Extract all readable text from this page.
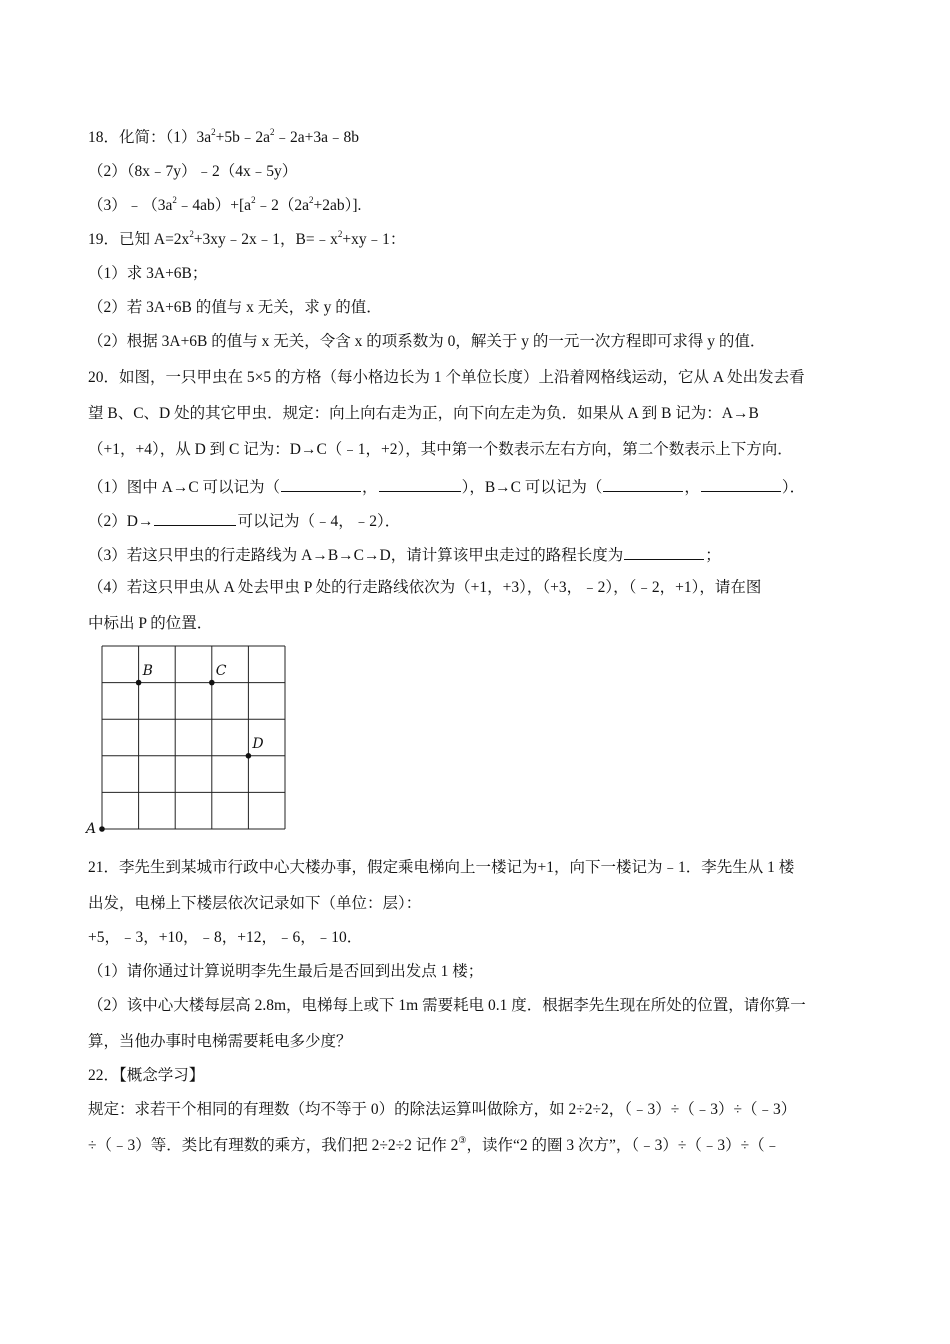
18．化简：$(1)3a^2+5b﹣2a^2﹣2a+3a﹣8b$
（2）（8x﹣7y）﹣2（4x﹣5y）
$(3)﹣(3a^2﹣4ab)+[a^2﹣2(2a^2+2ab)]$.
19．已知 $A=2x^2+3xy﹣2x﹣1$，$B=﹣x^2+xy﹣1$：
（1）求 3A+6B；
（2）若 3A+6B 的值与 x 无关，求 y 的值．
（2）根据 3A+6B 的值与 x 无关，令含 x 的项系数为 0，解关于 y 的一元一次方程即可求得 y 的值．
20．如图，一只甲虫在 5×5 的方格（每小格边长为 1 个单位长度）上沿着网格线运动，它从 A 处出发去看
望 B、C、D 处的其它甲虫．规定：向上向右走为正，向下向左走为负．如果从 A 到 B 记为：A→B
（+1，+4），从 D 到 C 记为：D→C（﹣1，+2），其中第一个数表示左右方向，第二个数表示上下方向．
（1）图中 A→C 可以记为（	，	），B→C 可以记为（	，	）．
（2）D→	可以记为（﹣4，﹣2）．
（3）若这只甲虫的行走路线为 A→B→C→D，请计算该甲虫走过的路程长度为	；
（4）若这只甲虫从 A 处去甲虫 P 处的行走路线依次为（+1，+3），（+3，﹣2），（﹣2，+1），请在图
中标出 P 的位置．
A
B	C
D
21．李先生到某城市行政中心大楼办事，假定乘电梯向上一楼记为+1，向下一楼记为﹣1．李先生从 1 楼
出发，电梯上下楼层依次记录如下（单位：层）：
+5，﹣3，+10，﹣8，+12，﹣6，﹣10．
（1）请你通过计算说明李先生最后是否回到出发点 1 楼；
（2）该中心大楼每层高 2.8m，电梯每上或下 1m 需要耗电 0.1 度．根据李先生现在所处的位置，请你算一
算，当他办事时电梯需要耗电多少度？
22．【概念学习】
规定：求若干个相同的有理数（均不等于 0）的除法运算叫做除方，如 2÷2÷2，（﹣3）÷（﹣3）÷（﹣3）
÷（﹣3）等．类比有理数的乘方，我们把 2÷2÷2 记作 2③，读作“2 的圈 3 次方”，（﹣3）÷（﹣3）÷（﹣
